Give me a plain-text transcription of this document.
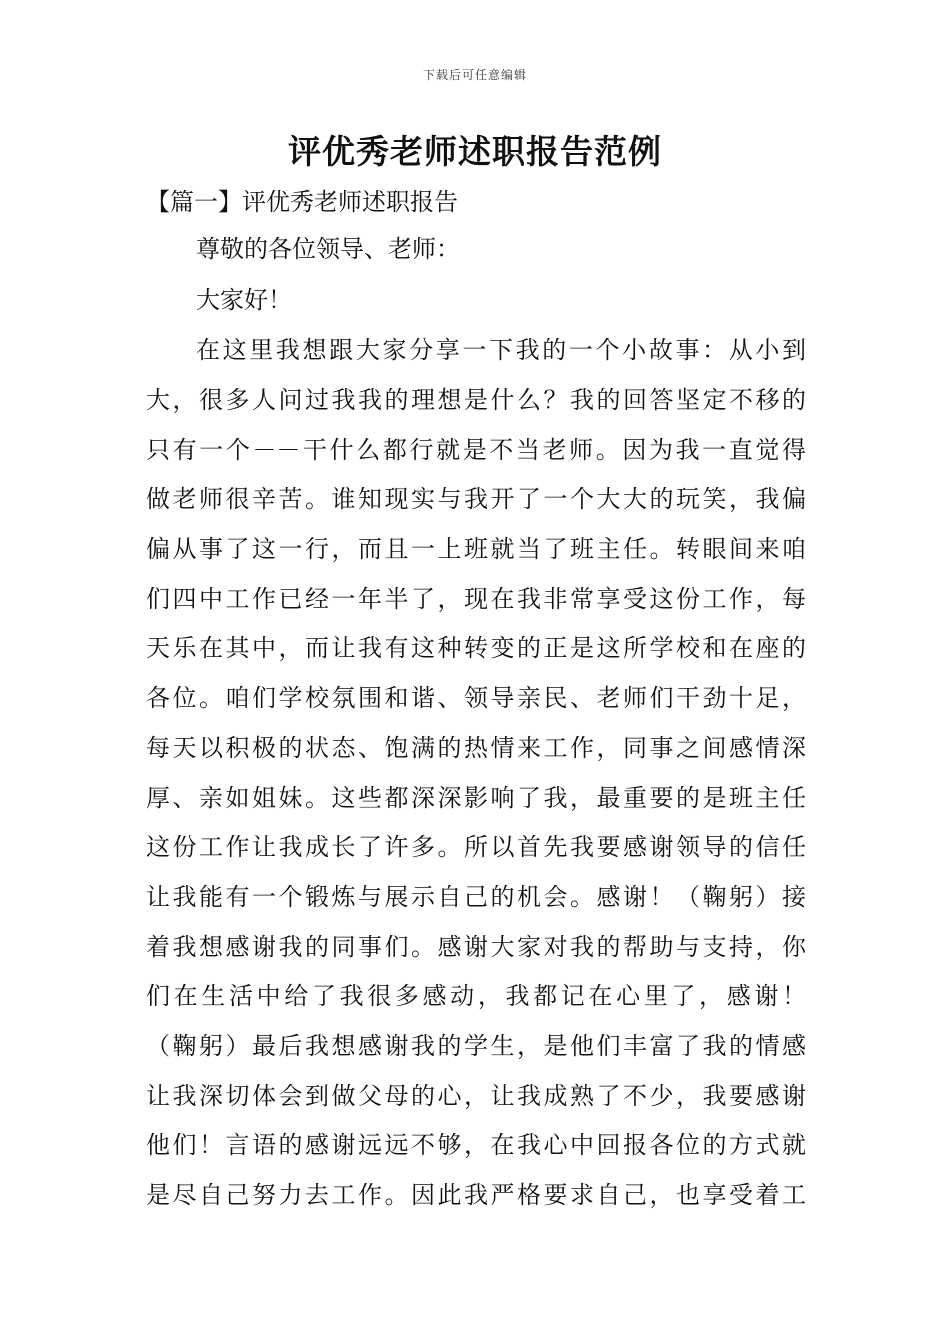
下载后可任意编辑
评优秀老师述职报告范例
【篇一】评优秀老师述职报告
尊敬的各位领导、老师：
大家好！
在这里我想跟大家分享一下我的一个小故事：从小到
大，很多人问过我我的理想是什么？我的回答坚定不移的
只有一个－－干什么都行就是不当老师。因为我一直觉得
做老师很辛苦。谁知现实与我开了一个大大的玩笑，我偏
偏从事了这一行，而且一上班就当了班主任。转眼间来咱
们四中工作已经一年半了，现在我非常享受这份工作，每
天乐在其中，而让我有这种转变的正是这所学校和在座的
各位。咱们学校氛围和谐、领导亲民、老师们干劲十足，
每天以积极的状态、饱满的热情来工作，同事之间感情深
厚、亲如姐妹。这些都深深影响了我，最重要的是班主任
这份工作让我成长了许多。所以首先我要感谢领导的信任
让我能有一个锻炼与展示自己的机会。感谢！（鞠躬）接
着我想感谢我的同事们。感谢大家对我的帮助与支持，你
们在生活中给了我很多感动，我都记在心里了，感谢！
（鞠躬）最后我想感谢我的学生，是他们丰富了我的情感
让我深切体会到做父母的心，让我成熟了不少，我要感谢
他们！言语的感谢远远不够，在我心中回报各位的方式就
是尽自己努力去工作。因此我严格要求自己，也享受着工
